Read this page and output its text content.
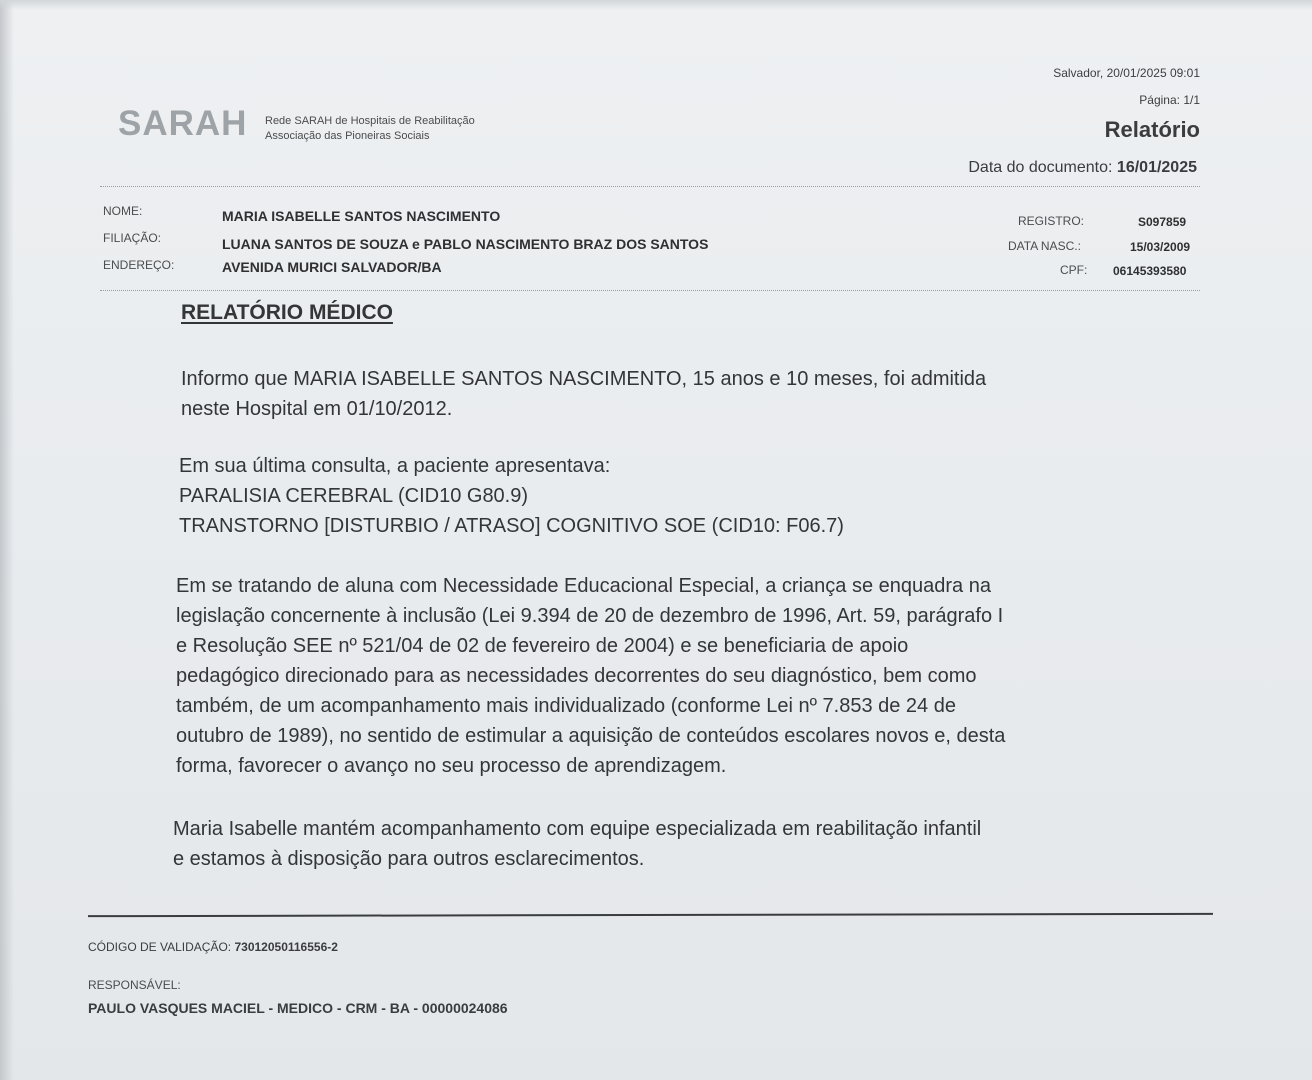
SARAH Rede SARAH de Hospitais de Reabilitação
Associação das Pioneiras Sociais
Salvador, 20/01/2025 09:01
Página: 1/1
Relatório
Data do documento: 16/01/2025
NOME:	MARIA ISABELLE SANTOS NASCIMENTO
FILIAÇÃO:	LUANA SANTOS DE SOUZA e PABLO NASCIMENTO BRAZ DOS SANTOS
ENDEREÇO:	AVENIDA MURICI SALVADOR/BA
REGISTRO:	S097859
DATA NASC.:	15/03/2009
CPF: 06145393580
RELATÓRIO MÉDICO
Informo que MARIA ISABELLE SANTOS NASCIMENTO, 15 anos e 10 meses, foi admitida
neste Hospital em 01/10/2012.
Em sua última consulta, a paciente apresentava:
PARALISIA CEREBRAL (CID10 G80.9)
TRANSTORNO [DISTURBIO / ATRASO] COGNITIVO SOE (CID10: F06.7)
Em se tratando de aluna com Necessidade Educacional Especial, a criança se enquadra na
legislação concernente à inclusão (Lei 9.394 de 20 de dezembro de 1996, Art. 59, parágrafo I
e Resolução SEE nº 521/04 de 02 de fevereiro de 2004) e se beneficiaria de apoio
pedagógico direcionado para as necessidades decorrentes do seu diagnóstico, bem como
também, de um acompanhamento mais individualizado (conforme Lei nº 7.853 de 24 de
outubro de 1989), no sentido de estimular a aquisição de conteúdos escolares novos e, desta
forma, favorecer o avanço no seu processo de aprendizagem.
Maria Isabelle mantém acompanhamento com equipe especializada em reabilitação infantil
e estamos à disposição para outros esclarecimentos.
CÓDIGO DE VALIDAÇÃO: 73012050116556-2
RESPONSÁVEL:
PAULO VASQUES MACIEL - MEDICO - CRM - BA - 00000024086
